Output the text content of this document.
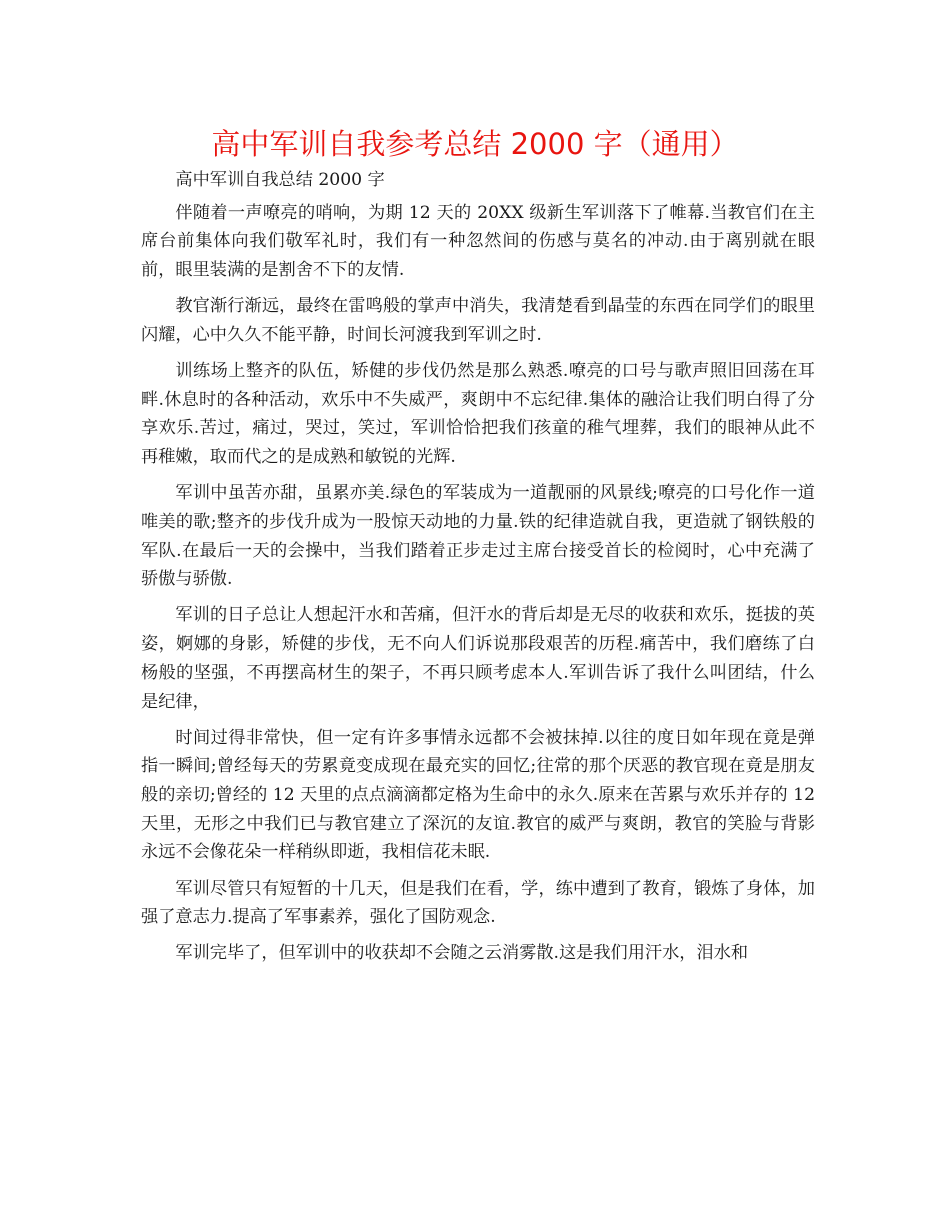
高中军训自我参考总结 2000 字（通用）

高中军训自我总结 2000 字

伴随着一声嘹亮的哨响，为期 12 天的 20XX 级新生军训落下了帷幕.当教官们在主席台前集体向我们敬军礼时，我们有一种忽然间的伤感与莫名的冲动.由于离别就在眼前，眼里装满的是割舍不下的友情.

教官渐行渐远，最终在雷鸣般的掌声中消失，我清楚看到晶莹的东西在同学们的眼里闪耀，心中久久不能平静，时间长河渡我到军训之时.

训练场上整齐的队伍，矫健的步伐仍然是那么熟悉.嘹亮的口号与歌声照旧回荡在耳畔.休息时的各种活动，欢乐中不失威严，爽朗中不忘纪律.集体的融洽让我们明白得了分享欢乐.苦过，痛过，哭过，笑过，军训恰恰把我们孩童的稚气埋葬，我们的眼神从此不再稚嫩，取而代之的是成熟和敏锐的光辉.

军训中虽苦亦甜，虽累亦美.绿色的军装成为一道靓丽的风景线;嘹亮的口号化作一道唯美的歌;整齐的步伐升成为一股惊天动地的力量.铁的纪律造就自我，更造就了钢铁般的军队.在最后一天的会操中，当我们踏着正步走过主席台接受首长的检阅时，心中充满了骄傲与骄傲.

军训的日子总让人想起汗水和苦痛，但汗水的背后却是无尽的收获和欢乐，挺拔的英姿，婀娜的身影，矫健的步伐，无不向人们诉说那段艰苦的历程.痛苦中，我们磨练了白杨般的坚强，不再摆高材生的架子，不再只顾考虑本人.军训告诉了我什么叫团结，什么是纪律，

时间过得非常快，但一定有许多事情永远都不会被抹掉.以往的度日如年现在竟是弹指一瞬间;曾经每天的劳累竟变成现在最充实的回忆;往常的那个厌恶的教官现在竟是朋友般的亲切;曾经的 12 天里的点点滴滴都定格为生命中的永久.原来在苦累与欢乐并存的 12 天里，无形之中我们已与教官建立了深沉的友谊.教官的威严与爽朗，教官的笑脸与背影永远不会像花朵一样稍纵即逝，我相信花未眠.

军训尽管只有短暂的十几天，但是我们在看，学，练中遭到了教育，锻炼了身体，加强了意志力.提高了军事素养，强化了国防观念.

军训完毕了，但军训中的收获却不会随之云消雾散.这是我们用汗水，泪水和
